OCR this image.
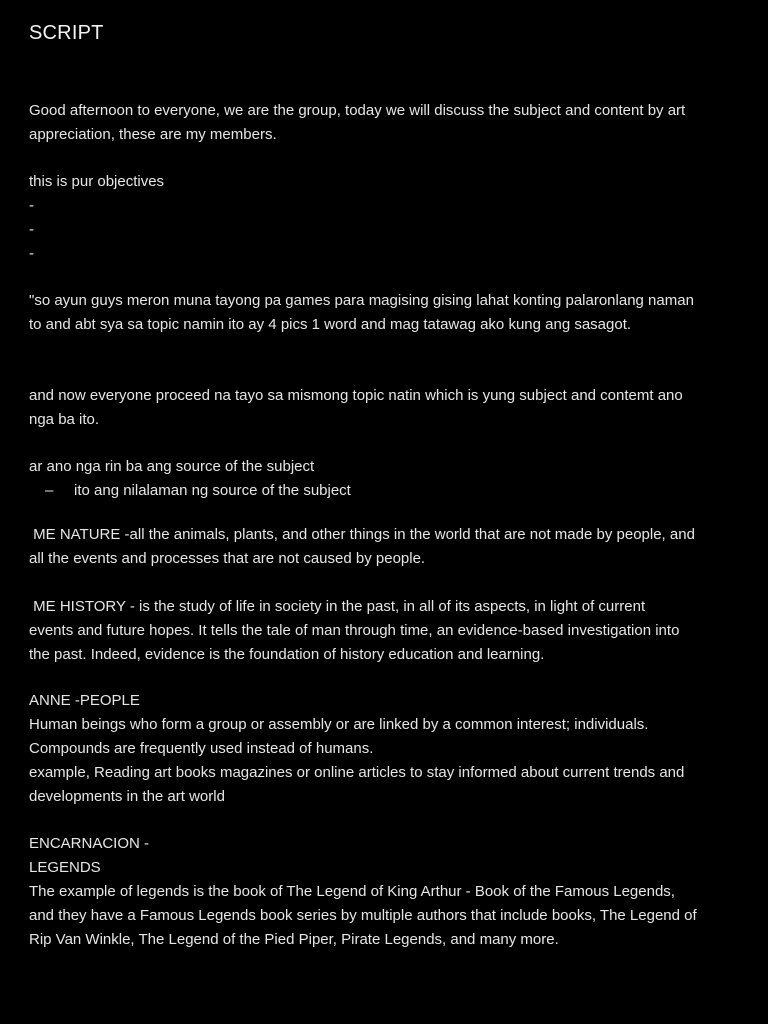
SCRIPT
Good afternoon to everyone, we are the group, today we will discuss the subject and content by art
appreciation, these are my members.
this is pur objectives
-
-
-
"so ayun guys meron muna tayong pa games para magising gising lahat konting palaronlang naman
to and abt sya sa topic namin ito ay 4 pics 1 word and mag tatawag ako kung ang sasagot.
and now everyone proceed na tayo sa mismong topic natin which is yung subject and contemt ano
nga ba ito.
ar ano nga rin ba ang source of the subject
– ito ang nilalaman ng source of the subject
ME NATURE -all the animals, plants, and other things in the world that are not made by people, and
all the events and processes that are not caused by people.
ME HISTORY - is the study of life in society in the past, in all of its aspects, in light of current
events and future hopes. It tells the tale of man through time, an evidence-based investigation into
the past. Indeed, evidence is the foundation of history education and learning.
ANNE -PEOPLE
Human beings who form a group or assembly or are linked by a common interest; individuals.
Compounds are frequently used instead of humans.
example, Reading art books magazines or online articles to stay informed about current trends and
developments in the art world
ENCARNACION -
LEGENDS
The example of legends is the book of The Legend of King Arthur - Book of the Famous Legends,
and they have a Famous Legends book series by multiple authors that include books, The Legend of
Rip Van Winkle, The Legend of the Pied Piper, Pirate Legends, and many more.
